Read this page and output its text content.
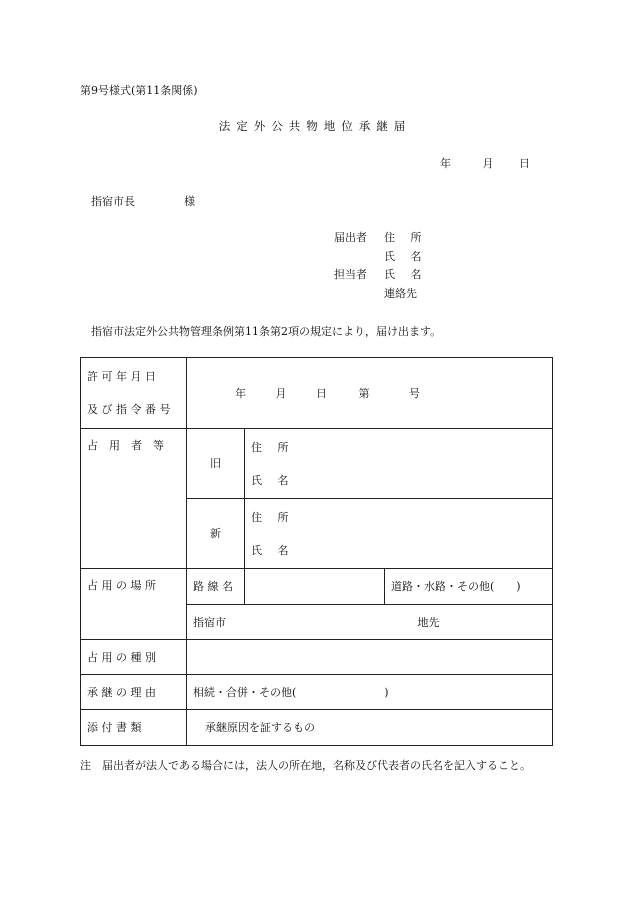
第9号様式(第11条関係)
法定外公共物地位承継届
年	月 日
指宿市長	様
届出者	住 所
氏 名
担当者	氏 名
連絡先
指宿市法定外公共物管理条例第11条第2項の規定により，届け出ます。
許 可 年 月 日
及 び 指 令 番 号	年 月 日 第 号		
占　用　者　等	旧	住 所
氏 名	

	新	住 所
氏 名	

占 用 の 場 所	路 線 名		道路・水路・その他(　　)
	指宿市 地先		
占 用 の 種 別			
承 継 の 理 由	相続・合併・その他(　　　　　　　　)		
添 付 書 類	承継原因を証するもの		
注	届出者が法人である場合には，法人の所在地，名称及び代表者の氏名を記入すること。
